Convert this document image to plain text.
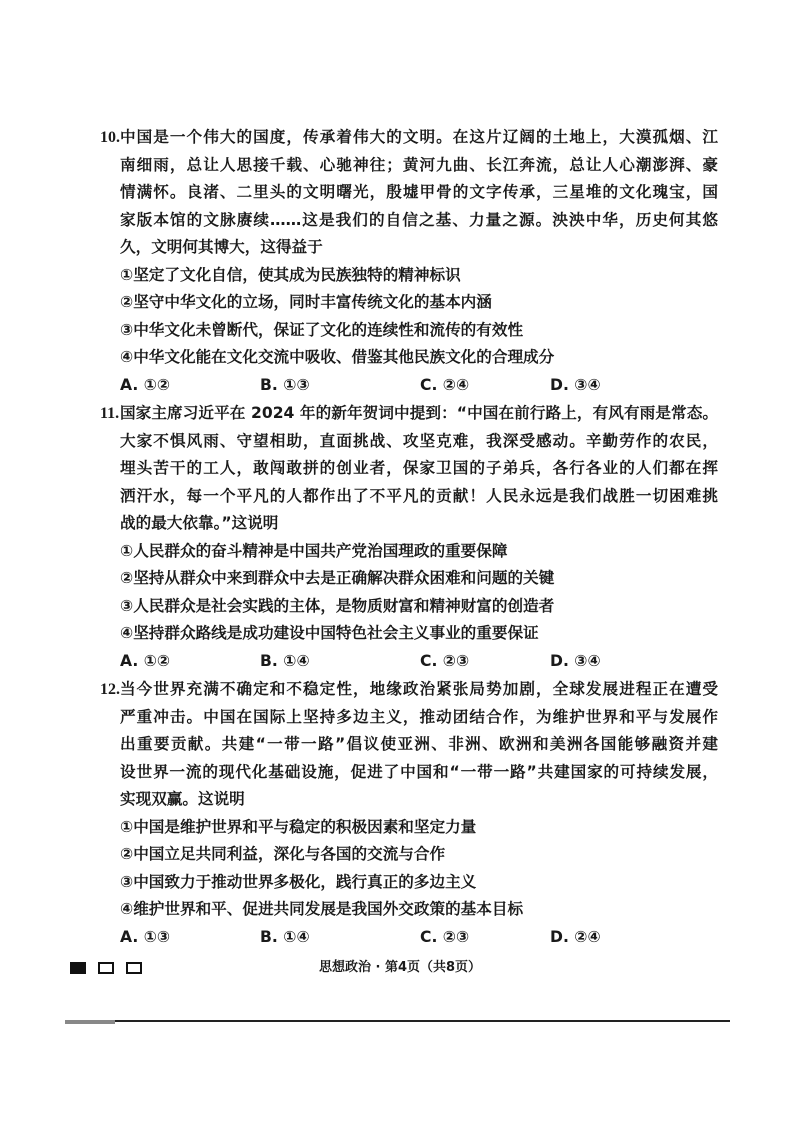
10. 中国是一个伟大的国度，传承着伟大的文明。在这片辽阔的土地上，大漠孤烟、江
南细雨，总让人思接千载、心驰神往；黄河九曲、长江奔流，总让人心潮澎湃、豪
情满怀。良渚、二里头的文明曙光，殷墟甲骨的文字传承，三星堆的文化瑰宝，国
家版本馆的文脉赓续……这是我们的自信之基、力量之源。泱泱中华，历史何其悠
久，文明何其博大，这得益于
①坚定了文化自信，使其成为民族独特的精神标识
②坚守中华文化的立场，同时丰富传统文化的基本内涵
③中华文化未曾断代，保证了文化的连续性和流传的有效性
④中华文化能在文化交流中吸收、借鉴其他民族文化的合理成分
A. ①②	B. ①③	C. ②④	D. ③④
11. 国家主席习近平在 2024 年的新年贺词中提到：“中国在前行路上，有风有雨是常态。
大家不惧风雨、守望相助，直面挑战、攻坚克难，我深受感动。辛勤劳作的农民，
埋头苦干的工人，敢闯敢拼的创业者，保家卫国的子弟兵，各行各业的人们都在挥
洒汗水，每一个平凡的人都作出了不平凡的贡献！人民永远是我们战胜一切困难挑
战的最大依靠。”这说明
①人民群众的奋斗精神是中国共产党治国理政的重要保障
②坚持从群众中来到群众中去是正确解决群众困难和问题的关键
③人民群众是社会实践的主体，是物质财富和精神财富的创造者
④坚持群众路线是成功建设中国特色社会主义事业的重要保证
A. ①②	B. ①④	C. ②③	D. ③④
12. 当今世界充满不确定和不稳定性，地缘政治紧张局势加剧，全球发展进程正在遭受
严重冲击。中国在国际上坚持多边主义，推动团结合作，为维护世界和平与发展作
出重要贡献。共建“一带一路”倡议使亚洲、非洲、欧洲和美洲各国能够融资并建
设世界一流的现代化基础设施，促进了中国和“一带一路”共建国家的可持续发展，
实现双赢。这说明
①中国是维护世界和平与稳定的积极因素和坚定力量
②中国立足共同利益，深化与各国的交流与合作
③中国致力于推动世界多极化，践行真正的多边主义
④维护世界和平、促进共同发展是我国外交政策的基本目标
A. ①③	B. ①④	C. ②③	D. ②④
思想政治 · 第4页（共8页）
